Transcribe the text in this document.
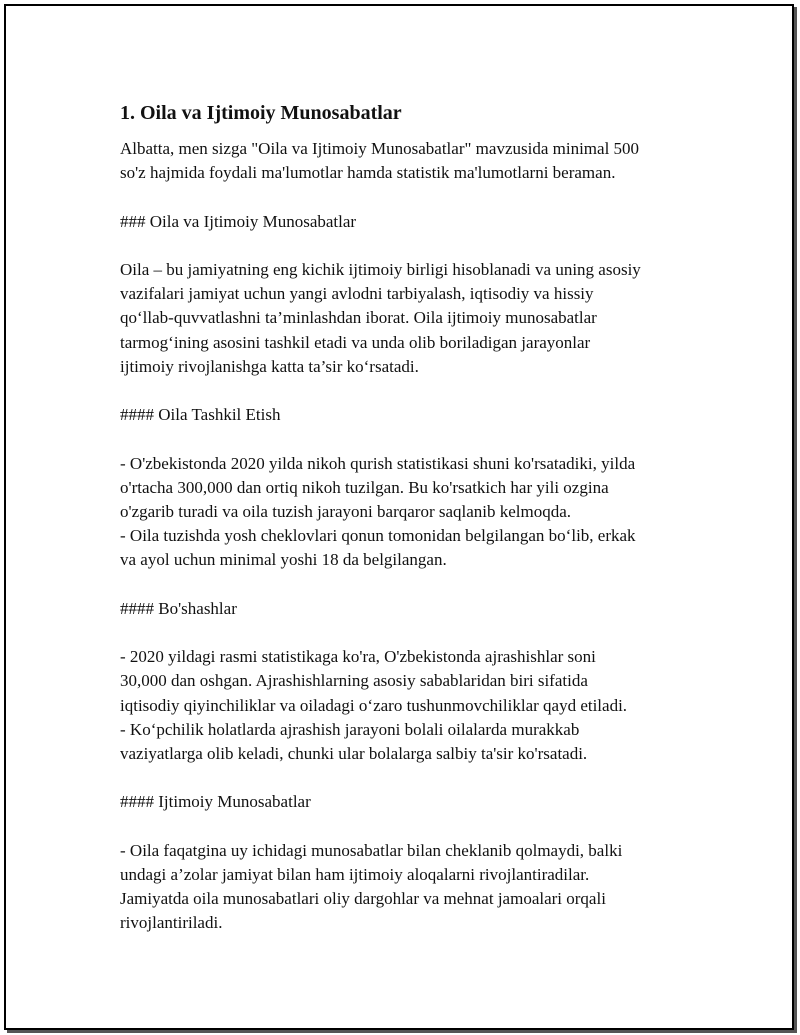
1. Oila va Ijtimoiy Munosabatlar

Albatta, men sizga "Oila va Ijtimoiy Munosabatlar" mavzusida minimal 500
so'z hajmida foydali ma'lumotlar hamda statistik ma'lumotlarni beraman.

### Oila va Ijtimoiy Munosabatlar

Oila – bu jamiyatning eng kichik ijtimoiy birligi hisoblanadi va uning asosiy
vazifalari jamiyat uchun yangi avlodni tarbiyalash, iqtisodiy va hissiy
qo‘llab-quvvatlashni ta’minlashdan iborat. Oila ijtimoiy munosabatlar
tarmog‘ining asosini tashkil etadi va unda olib boriladigan jarayonlar
ijtimoiy rivojlanishga katta ta’sir ko‘rsatadi.

#### Oila Tashkil Etish

- O'zbekistonda 2020 yilda nikoh qurish statistikasi shuni ko'rsatadiki, yilda
o'rtacha 300,000 dan ortiq nikoh tuzilgan. Bu ko'rsatkich har yili ozgina
o'zgarib turadi va oila tuzish jarayoni barqaror saqlanib kelmoqda.
- Oila tuzishda yosh cheklovlari qonun tomonidan belgilangan bo‘lib, erkak
va ayol uchun minimal yoshi 18 da belgilangan.

#### Bo'shashlar

- 2020 yildagi rasmi statistikaga ko'ra, O'zbekistonda ajrashishlar soni
30,000 dan oshgan. Ajrashishlarning asosiy sabablaridan biri sifatida
iqtisodiy qiyinchiliklar va oiladagi o‘zaro tushunmovchiliklar qayd etiladi.
- Ko‘pchilik holatlarda ajrashish jarayoni bolali oilalarda murakkab
vaziyatlarga olib keladi, chunki ular bolalarga salbiy ta'sir ko'rsatadi.

#### Ijtimoiy Munosabatlar

- Oila faqatgina uy ichidagi munosabatlar bilan cheklanib qolmaydi, balki
undagi a’zolar jamiyat bilan ham ijtimoiy aloqalarni rivojlantiradilar.
Jamiyatda oila munosabatlari oliy dargohlar va mehnat jamoalari orqali
rivojlantiriladi.
